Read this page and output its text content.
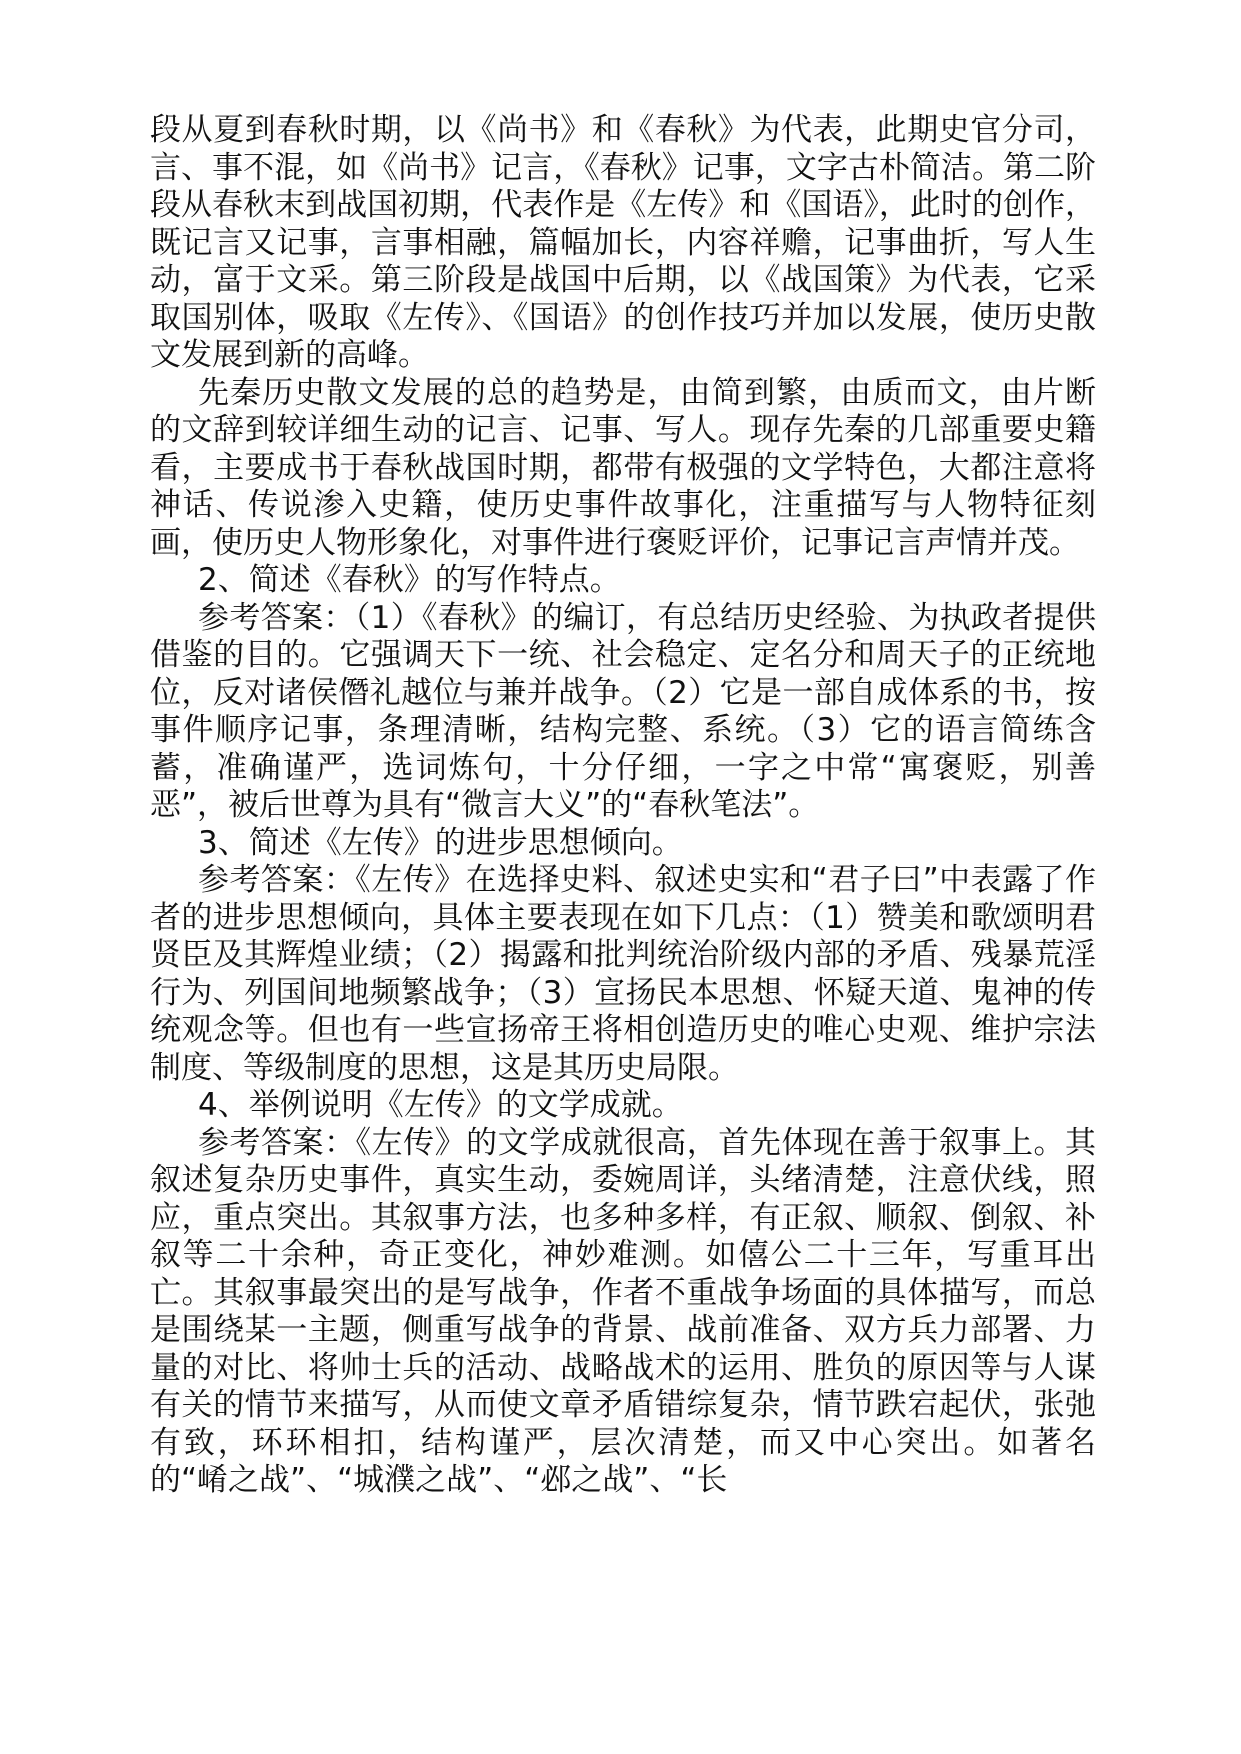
段从夏到春秋时期，以《尚书》和《春秋》为代表，此期史官分司，言、事不混，如《尚书》记言，《春秋》记事，文字古朴简洁。第二阶段从春秋末到战国初期，代表作是《左传》和《国语》，此时的创作，既记言又记事，言事相融，篇幅加长，内容祥赡，记事曲折，写人生动，富于文采。第三阶段是战国中后期，以《战国策》为代表，它采取国别体，吸取《左传》、《国语》的创作技巧并加以发展，使历史散文发展到新的高峰。

先秦历史散文发展的总的趋势是，由简到繁，由质而文，由片断的文辞到较详细生动的记言、记事、写人。现存先秦的几部重要史籍看，主要成书于春秋战国时期，都带有极强的文学特色，大都注意将神话、传说渗入史籍，使历史事件故事化，注重描写与人物特征刻画，使历史人物形象化，对事件进行褒贬评价，记事记言声情并茂。

2、简述《春秋》的写作特点。

参考答案：（1）《春秋》的编订，有总结历史经验、为执政者提供借鉴的目的。它强调天下一统、社会稳定、定名分和周天子的正统地位，反对诸侯僭礼越位与兼并战争。（2）它是一部自成体系的书，按事件顺序记事，条理清晰，结构完整、系统。（3）它的语言简练含蓄，准确谨严，选词炼句，十分仔细，一字之中常“寓褒贬，别善恶”，被后世尊为具有“微言大义”的“春秋笔法”。

3、简述《左传》的进步思想倾向。

参考答案：《左传》在选择史料、叙述史实和“君子曰”中表露了作者的进步思想倾向，具体主要表现在如下几点：（1）赞美和歌颂明君贤臣及其辉煌业绩；（2）揭露和批判统治阶级内部的矛盾、残暴荒淫行为、列国间地频繁战争；（3）宣扬民本思想、怀疑天道、鬼神的传统观念等。但也有一些宣扬帝王将相创造历史的唯心史观、维护宗法制度、等级制度的思想，这是其历史局限。

4、举例说明《左传》的文学成就。

参考答案：《左传》的文学成就很高，首先体现在善于叙事上。其叙述复杂历史事件，真实生动，委婉周详，头绪清楚，注意伏线，照应，重点突出。其叙事方法，也多种多样，有正叙、顺叙、倒叙、补叙等二十余种，奇正变化，神妙难测。如僖公二十三年，写重耳出亡。其叙事最突出的是写战争，作者不重战争场面的具体描写，而总是围绕某一主题，侧重写战争的背景、战前准备、双方兵力部署、力量的对比、将帅士兵的活动、战略战术的运用、胜负的原因等与人谋有关的情节来描写，从而使文章矛盾错综复杂，情节跌宕起伏，张弛有致，环环相扣，结构谨严，层次清楚，而又中心突出。如著名的“崤之战”、“城濮之战”、“邲之战”、“长
